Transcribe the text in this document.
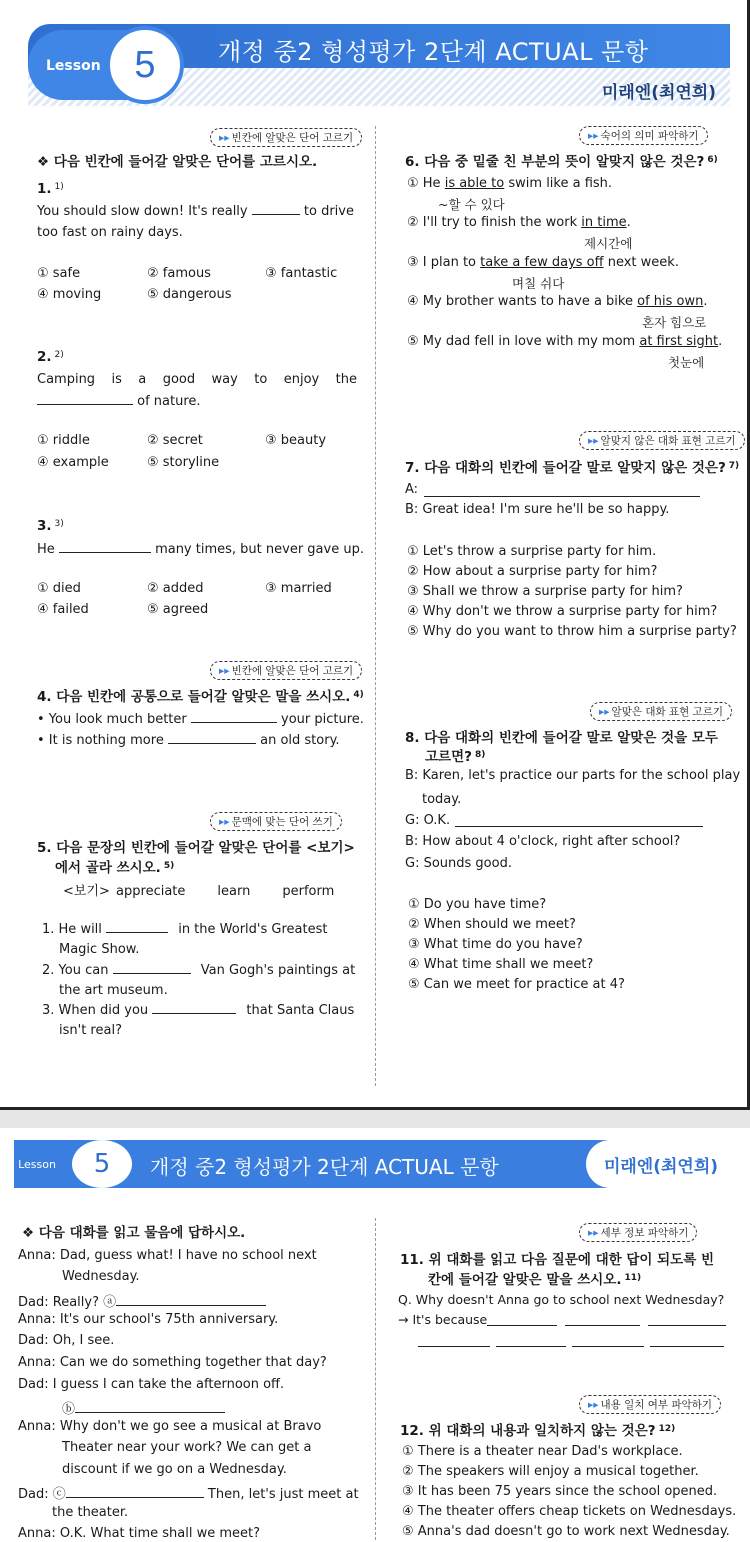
Lesson 5	개정 중2 형성평가 2단계 ACTUAL 문항
미래엔(최연희)
▸▸ 빈칸에 알맞은 단어 고르기
❖ 다음 빈칸에 들어갈 알맞은 단어를 고르시오.
1. $^{1)}$
You should slow down! It's really	to drive
too fast on rainy days.
① safe	② famous	③ fantastic
④ moving	⑤ dangerous
2. $^{2)}$
Camping is a good way to enjoy the
of nature.
① riddle	② secret	③ beauty
④ example	⑤ storyline
3. $^{3)}$
He	many times, but never gave up.
① died	② added	③ married
④ failed	⑤ agreed
▸▸ 빈칸에 알맞은 단어 고르기
4. 다음 빈칸에 공통으로 들어갈 알맞은 말을 쓰시오. $^{4)}$
• You look much better	your picture.
• It is nothing more	an old story.
▸▸ 문맥에 맞는 단어 쓰기
5. 다음 문장의 빈칸에 들어갈 알맞은 단어를 <보기>
에서 골라 쓰시오. $^{5)}$
<보기> appreciate learn perform
1. He will	in the World's Greatest
Magic Show.
2. You can	Van Gogh's paintings at
the art museum.
3. When did you	that Santa Claus
isn't real?
▸▸ 숙어의 의미 파악하기
6. 다음 중 밑줄 친 부분의 뜻이 알맞지 않은 것은? $^{6)}$
① He is able to swim like a fish.
~할 수 있다
② I'll try to finish the work in time.
제시간에
③ I plan to take a few days off next week.
며칠 쉬다
④ My brother wants to have a bike of his own.
혼자 힘으로
⑤ My dad fell in love with my mom at first sight.
첫눈에
▸▸ 알맞지 않은 대화 표현 고르기
7. 다음 대화의 빈칸에 들어갈 말로 알맞지 않은 것은? $^{7)}$
A:
B: Great idea! I'm sure he'll be so happy.
① Let's throw a surprise party for him.
② How about a surprise party for him?
③ Shall we throw a surprise party for him?
④ Why don't we throw a surprise party for him?
⑤ Why do you want to throw him a surprise party?
▸▸ 알맞은 대화 표현 고르기
8. 다음 대화의 빈칸에 들어갈 말로 알맞은 것을 모두
고르면? $^{8)}$
B: Karen, let's practice our parts for the school play
today.
G: O.K.
B: How about 4 o'clock, right after school?
G: Sounds good.
① Do you have time?
② When should we meet?
③ What time do you have?
④ What time shall we meet?
⑤ Can we meet for practice at 4?
Lesson	5	개정 중2 형성평가 2단계 ACTUAL 문항	미래엔(최연희)
❖ 다음 대화를 읽고 물음에 답하시오.
Anna: Dad, guess what! I have no school next
Wednesday.
Dad: Really? ⓐ
Anna: It's our school's 75th anniversary.
Dad: Oh, I see.
Anna: Can we do something together that day?
Dad: I guess I can take the afternoon off.
ⓑ
Anna: Why don't we go see a musical at Bravo
Theater near your work? We can get a
discount if we go on a Wednesday.
Dad: ⓒ	Then, let's just meet at
the theater.
Anna: O.K. What time shall we meet?
▸▸ 세부 정보 파악하기
11. 위 대화를 읽고 다음 질문에 대한 답이 되도록 빈
칸에 들어갈 알맞은 말을 쓰시오. $^{11)}$
Q. Why doesn't Anna go to school next Wednesday?
→ It's because
▸▸ 내용 일치 여부 파악하기
12. 위 대화의 내용과 일치하지 않는 것은? $^{12)}$
① There is a theater near Dad's workplace.
② The speakers will enjoy a musical together.
③ It has been 75 years since the school opened.
④ The theater offers cheap tickets on Wednesdays.
⑤ Anna's dad doesn't go to work next Wednesday.
